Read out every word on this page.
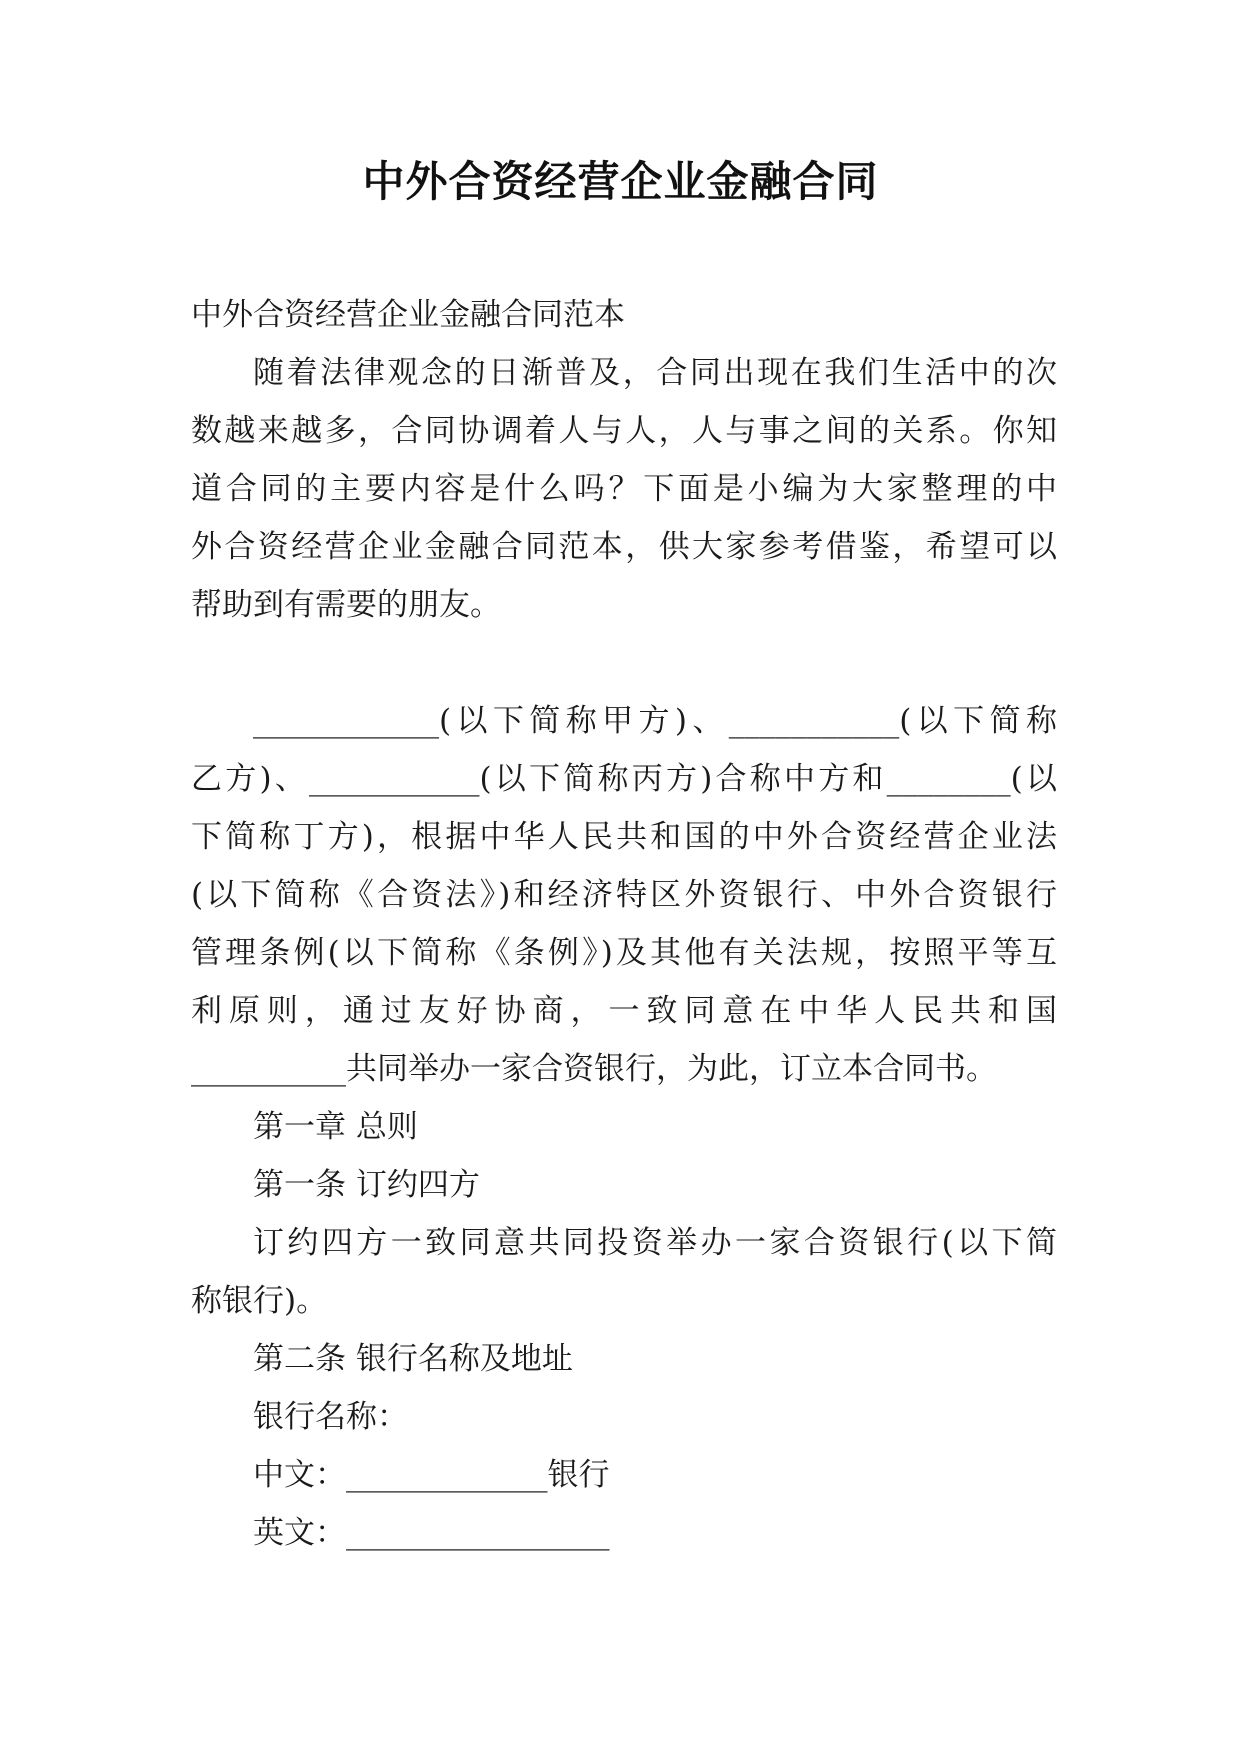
中外合资经营企业金融合同
中外合资经营企业金融合同范本
随着法律观念的日渐普及，合同出现在我们生活中的次
数越来越多，合同协调着人与人，人与事之间的关系。你知
道合同的主要内容是什么吗？下面是小编为大家整理的中
外合资经营企业金融合同范本，供大家参考借鉴，希望可以
帮助到有需要的朋友。
____________(以下简称甲方)、___________(以下简称
乙方)、___________(以下简称丙方)合称中方和________(以
下简称丁方)，根据中华人民共和国的中外合资经营企业法
(以下简称《合资法》)和经济特区外资银行、中外合资银行
管理条例(以下简称《条例》)及其他有关法规，按照平等互
利原则，通过友好协商，一致同意在中华人民共和国
__________共同举办一家合资银行，为此，订立本合同书。
第一章 总则
第一条 订约四方
订约四方一致同意共同投资举办一家合资银行(以下简
称银行)。
第二条 银行名称及地址
银行名称：
中文：_____________银行
英文：_________________
